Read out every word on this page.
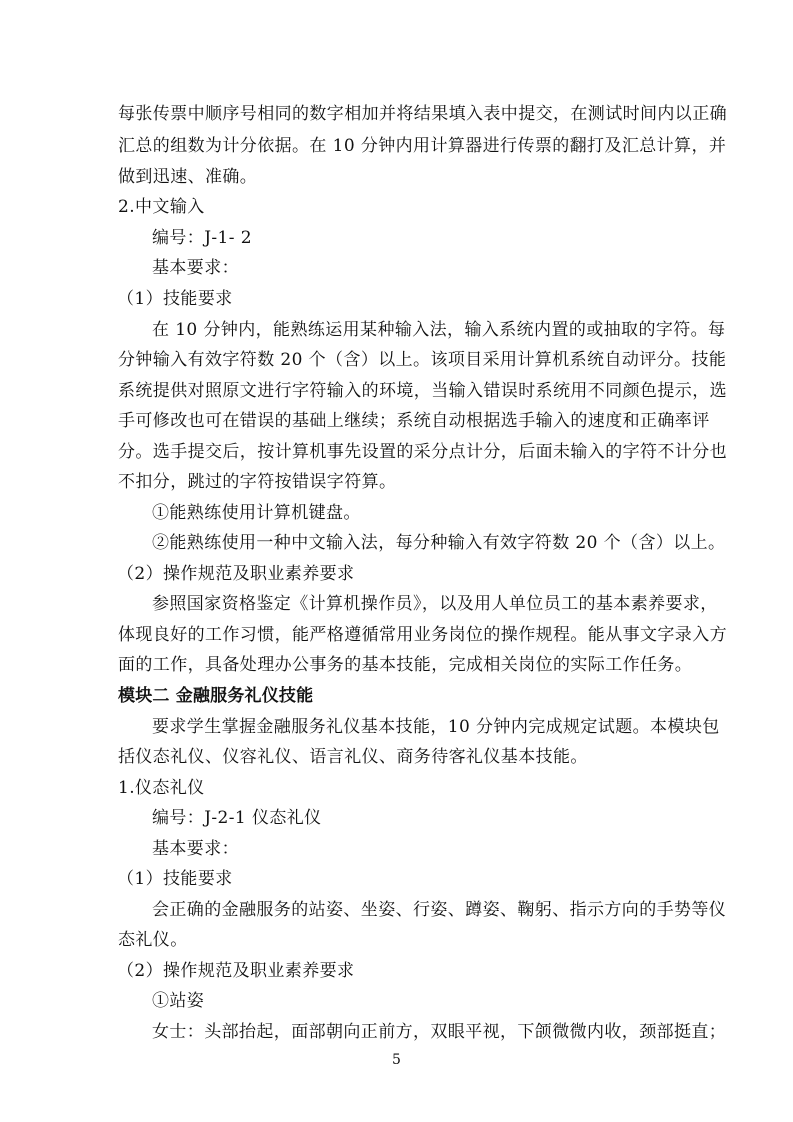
每张传票中顺序号相同的数字相加并将结果填入表中提交，在测试时间内以正确
汇总的组数为计分依据。在 10 分钟内用计算器进行传票的翻打及汇总计算，并
做到迅速、准确。
2.中文输入
编号：J-1- 2
基本要求：
（1）技能要求
在 10 分钟内，能熟练运用某种输入法，输入系统内置的或抽取的字符。每
分钟输入有效字符数 20 个（含）以上。该项目采用计算机系统自动评分。技能
系统提供对照原文进行字符输入的环境，当输入错误时系统用不同颜色提示，选
手可修改也可在错误的基础上继续；系统自动根据选手输入的速度和正确率评
分。选手提交后，按计算机事先设置的采分点计分，后面未输入的字符不计分也
不扣分，跳过的字符按错误字符算。
①能熟练使用计算机键盘。
②能熟练使用一种中文输入法，每分种输入有效字符数 20 个（含）以上。
（2）操作规范及职业素养要求
参照国家资格鉴定《计算机操作员》，以及用人单位员工的基本素养要求，
体现良好的工作习惯，能严格遵循常用业务岗位的操作规程。能从事文字录入方
面的工作，具备处理办公事务的基本技能，完成相关岗位的实际工作任务。
模块二 金融服务礼仪技能
要求学生掌握金融服务礼仪基本技能，10 分钟内完成规定试题。本模块包
括仪态礼仪、仪容礼仪、语言礼仪、商务待客礼仪基本技能。
1.仪态礼仪
编号：J-2-1 仪态礼仪
基本要求：
（1）技能要求
会正确的金融服务的站姿、坐姿、行姿、蹲姿、鞠躬、指示方向的手势等仪
态礼仪。
（2）操作规范及职业素养要求
①站姿
女士：头部抬起，面部朝向正前方，双眼平视，下颌微微内收，颈部挺直；
5
